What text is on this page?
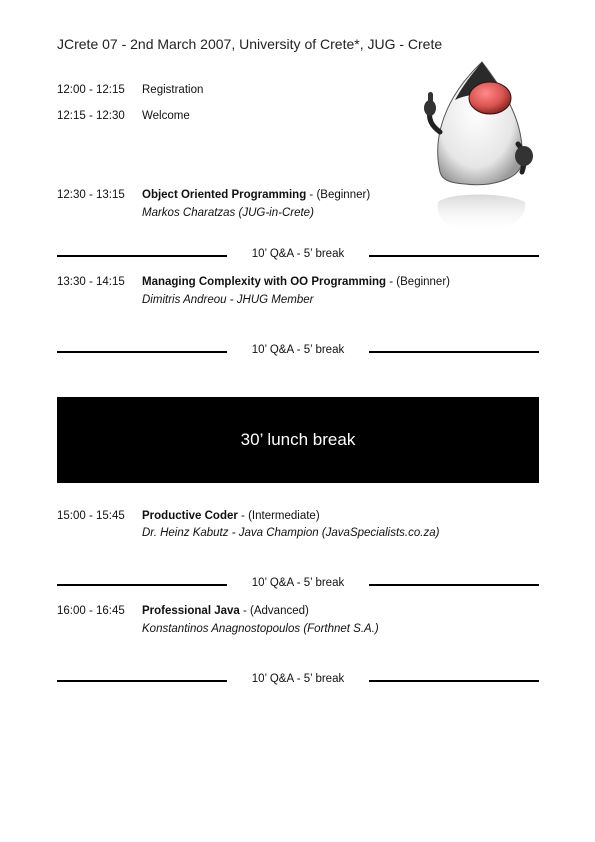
JCrete 07 - 2nd March 2007, University of Crete*, JUG - Crete
12:00 - 12:15 Registration
12:15 - 12:30 Welcome
12:30 - 13:15 Object Oriented Programming - (Beginner)
Markos Charatzas (JUG-in-Crete)
10’ Q&A - 5’ break
13:30 - 14:15 Managing Complexity with OO Programming - (Beginner)
Dimitris Andreou - JHUG Member
10’ Q&A - 5’ break
30’ lunch break
15:00 - 15:45 Productive Coder - (Intermediate)
Dr. Heinz Kabutz - Java Champion (JavaSpecialists.co.za)
10’ Q&A - 5’ break
16:00 - 16:45 Professional Java - (Advanced)
Konstantinos Anagnostopoulos (Forthnet S.A.)
10’ Q&A - 5’ break
